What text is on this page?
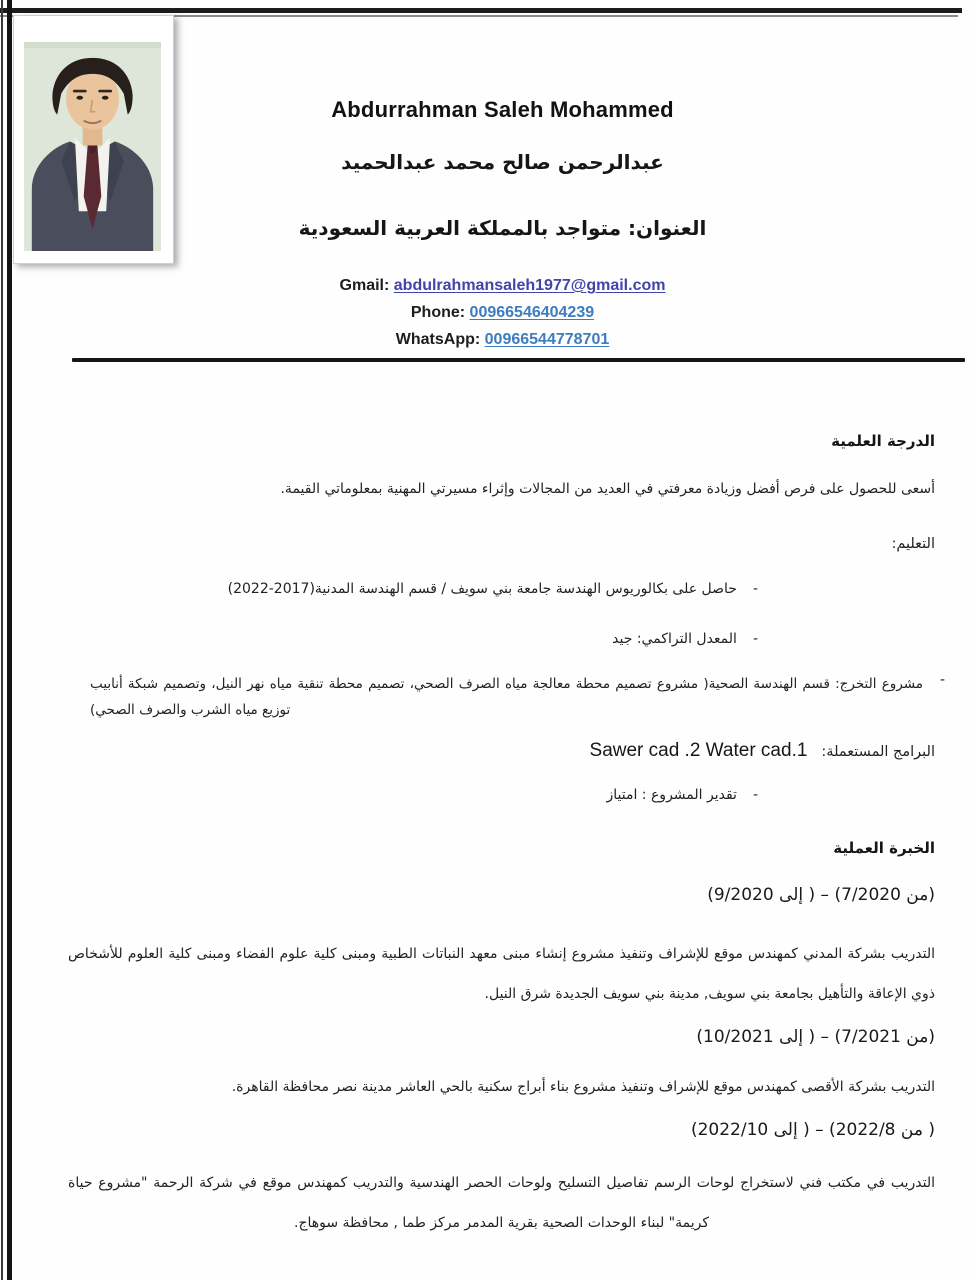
Abdurrahman Saleh Mohammed
عبدالرحمن صالح محمد عبدالحميد
العنوان: متواجد بالمملكة العربية السعودية
Gmail: abdulrahmansaleh1977@gmail.com
Phone: 00966546404239
WhatsApp: 00966544778701
الدرجة العلمية
أسعى للحصول على فرص أفضل وزيادة معرفتي في العديد من المجالات وإثراء مسيرتي المهنية بمعلوماتي القيمة.
التعليم:
-
حاصل على بكالوريوس الهندسة جامعة بني سويف / قسم الهندسة المدنية(2017-2022)
-
المعدل التراكمي: جيد
-
مشروع التخرج: قسم الهندسة الصحية( مشروع تصميم محطة معالجة مياه الصرف الصحي، تصميم محطة تنقية مياه نهر النيل، وتصميم شبكة أنابيب توزيع مياه الشرب والصرف الصحي)
البرامج المستعملة:
Sawer cad .2 Water cad.1
-
تقدير المشروع : امتياز
الخبرة العملية
(من 7/2020) – ( إلى 9/2020)
التدريب بشركة المدني كمهندس موقع للإشراف وتنفيذ مشروع إنشاء مبنى معهد النباتات الطبية ومبنى كلية علوم الفضاء ومبنى كلية العلوم للأشخاص ذوي الإعاقة والتأهيل بجامعة بني سويف, مدينة بني سويف الجديدة شرق النيل.
(من 7/2021) – ( إلى 10/2021)
التدريب بشركة الأقصى كمهندس موقع للإشراف وتنفيذ مشروع بناء أبراج سكنية بالحي العاشر مدينة نصر محافظة القاهرة.
( من 2022/8) – ( إلى 2022/10)
التدريب في مكتب فني لاستخراج لوحات الرسم تفاصيل التسليح ولوحات الحصر الهندسية والتدريب كمهندس موقع في شركة الرحمة "مشروع حياة كريمة" لبناء الوحدات الصحية بقرية المدمر مركز طما , محافظة سوهاج.
